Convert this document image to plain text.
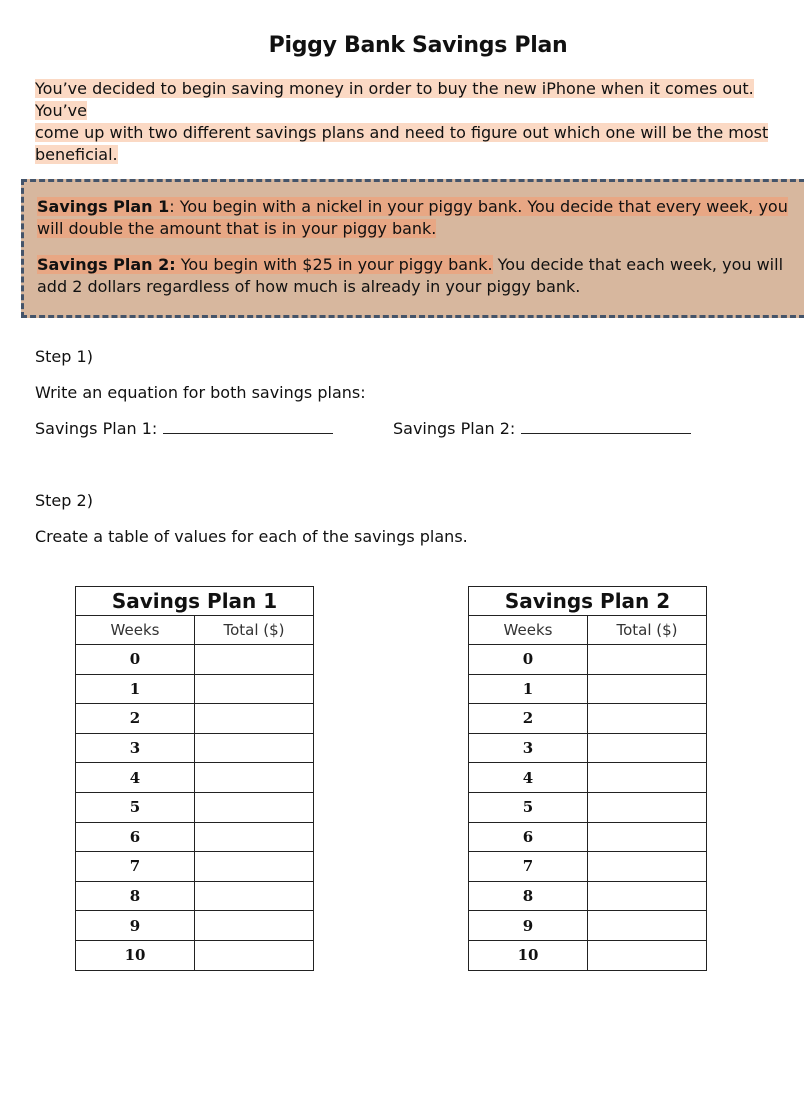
Piggy Bank Savings Plan
You’ve decided to begin saving money in order to buy the new iPhone when it comes out. You’ve
come up with two different savings plans and need to figure out which one will be the most
beneficial.
Savings Plan 1: You begin with a nickel in your piggy bank. You decide that every week, you
will double the amount that is in your piggy bank.
Savings Plan 2: You begin with $25 in your piggy bank. You decide that each week, you will
add 2 dollars regardless of how much is already in your piggy bank.
Step 1)
Write an equation for both savings plans:
Savings Plan 1:	Savings Plan 2:
Step 2)
Create a table of values for each of the savings plans.
Savings Plan 1	
Weeks	Total ($)
0	
1	
2	
3	
4	
5	
6	
7	
8	
9	
10	
Savings Plan 2	
Weeks	Total ($)
0	
1	
2	
3	
4	
5	
6	
7	
8	
9	
10	
